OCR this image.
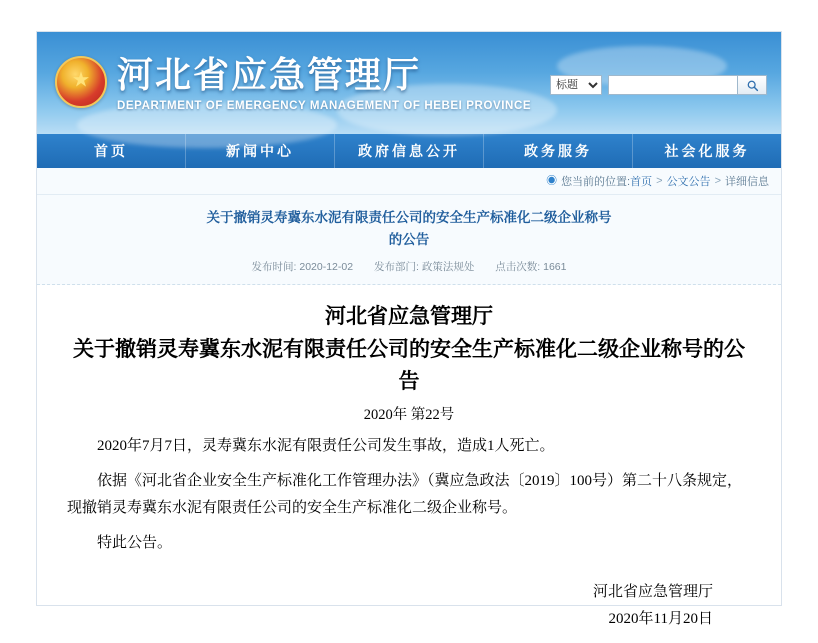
★ 河北省应急管理厅
DEPARTMENT OF EMERGENCY MANAGEMENT OF HEBEI PROVINCE
标题
首页	新闻中心	政府信息公开	政务服务	社会化服务
◉ 您当前的位置: 首页 > 公文公告 > 详细信息
关于撤销灵寿冀东水泥有限责任公司的安全生产标准化二级企业称号
的公告
发布时间: 2020-12-02 发布部门: 政策法规处 点击次数: 1661
河北省应急管理厅
关于撤销灵寿冀东水泥有限责任公司的安全生产标准化二级企业称号的公告
2020年 第22号
2020年7月7日，灵寿冀东水泥有限责任公司发生事故，造成1人死亡。
依据《河北省企业安全生产标准化工作管理办法》（冀应急政法〔2019〕100号）第二十八条规定，现撤销灵寿冀东水泥有限责任公司的安全生产标准化二级企业称号。
特此公告。
河北省应急管理厅
2020年11月20日
